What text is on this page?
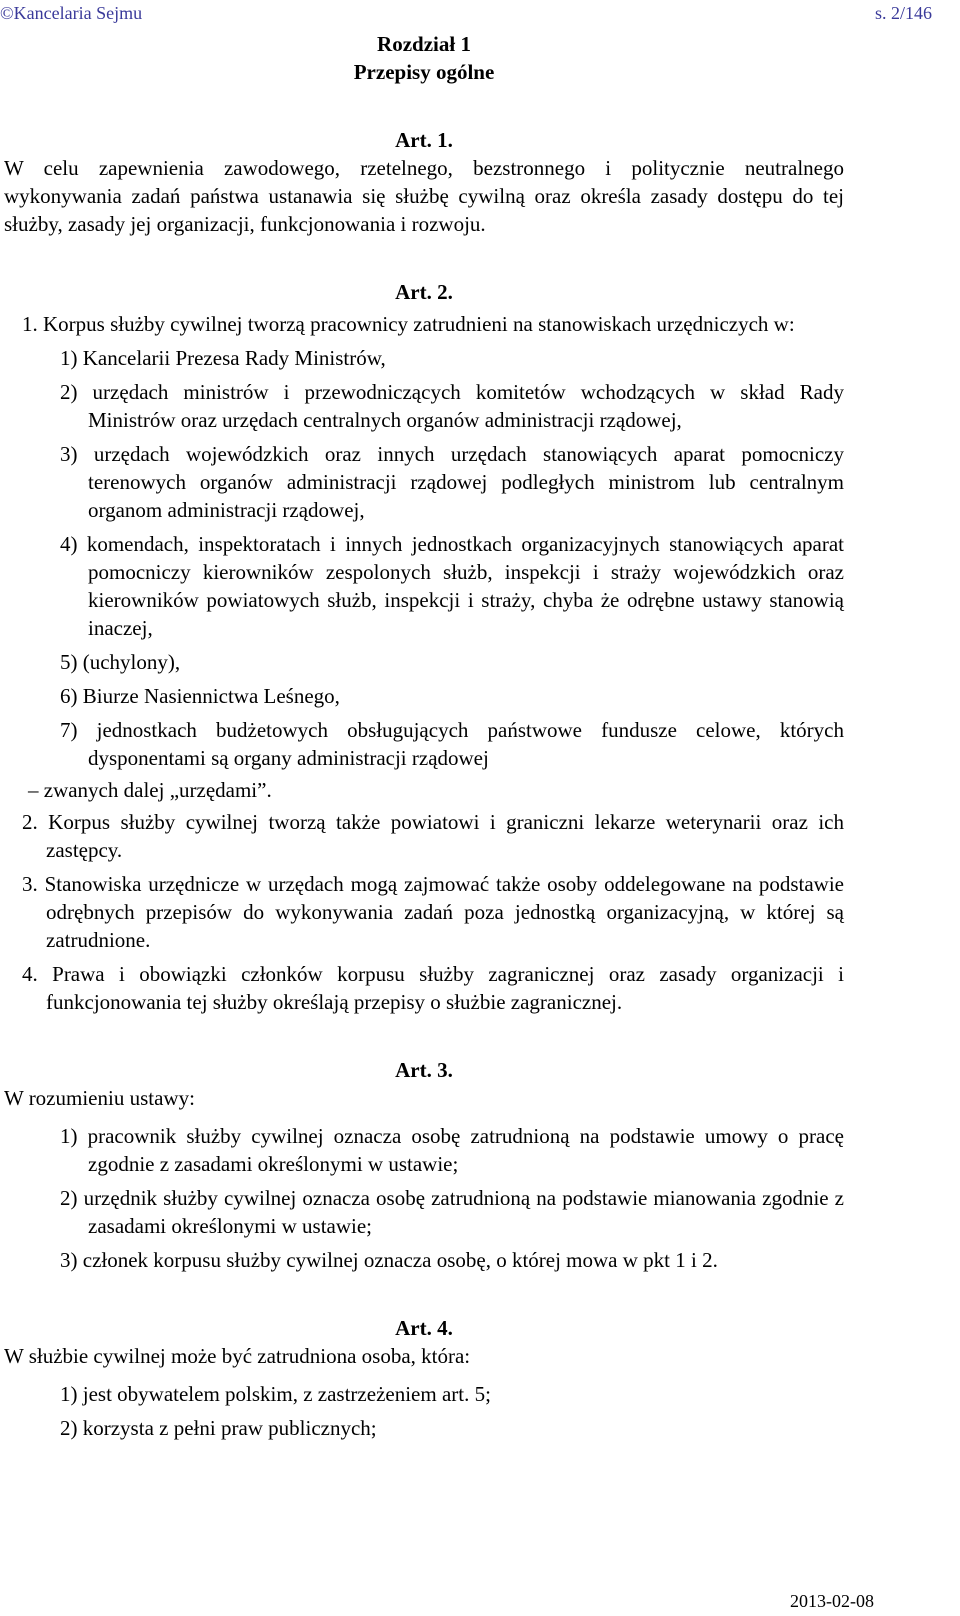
©Kancelaria Sejmu	s. 2/146
Rozdział 1
Przepisy ogólne
Art. 1.

W celu zapewnienia zawodowego, rzetelnego, bezstronnego i politycznie neutralnego wykonywania zadań państwa ustanawia się służbę cywilną oraz określa zasady dostępu do tej służby, zasady jej organizacji, funkcjonowania i rozwoju.

Art. 2.

1. Korpus służby cywilnej tworzą pracownicy zatrudnieni na stanowiskach urzędniczych w:

1) Kancelarii Prezesa Rady Ministrów,

2) urzędach ministrów i przewodniczących komitetów wchodzących w skład Rady Ministrów oraz urzędach centralnych organów administracji rządowej,

3) urzędach wojewódzkich oraz innych urzędach stanowiących aparat pomocniczy terenowych organów administracji rządowej podległych ministrom lub centralnym organom administracji rządowej,

4) komendach, inspektoratach i innych jednostkach organizacyjnych stanowiących aparat pomocniczy kierowników zespolonych służb, inspekcji i straży wojewódzkich oraz kierowników powiatowych służb, inspekcji i straży, chyba że odrębne ustawy stanowią inaczej,

5) (uchylony),

6) Biurze Nasiennictwa Leśnego,

7) jednostkach budżetowych obsługujących państwowe fundusze celowe, których dysponentami są organy administracji rządowej

– zwanych dalej „urzędami”.

2. Korpus służby cywilnej tworzą także powiatowi i graniczni lekarze weterynarii oraz ich zastępcy.

3. Stanowiska urzędnicze w urzędach mogą zajmować także osoby oddelegowane na podstawie odrębnych przepisów do wykonywania zadań poza jednostką organizacyjną, w której są zatrudnione.

4. Prawa i obowiązki członków korpusu służby zagranicznej oraz zasady organizacji i funkcjonowania tej służby określają przepisy o służbie zagranicznej.

Art. 3.

W rozumieniu ustawy:

1) pracownik służby cywilnej oznacza osobę zatrudnioną na podstawie umowy o pracę zgodnie z zasadami określonymi w ustawie;

2) urzędnik służby cywilnej oznacza osobę zatrudnioną na podstawie mianowania zgodnie z zasadami określonymi w ustawie;

3) członek korpusu służby cywilnej oznacza osobę, o której mowa w pkt 1 i 2.

Art. 4.

W służbie cywilnej może być zatrudniona osoba, która:

1) jest obywatelem polskim, z zastrzeżeniem art. 5;

2) korzysta z pełni praw publicznych;

2013-02-08
